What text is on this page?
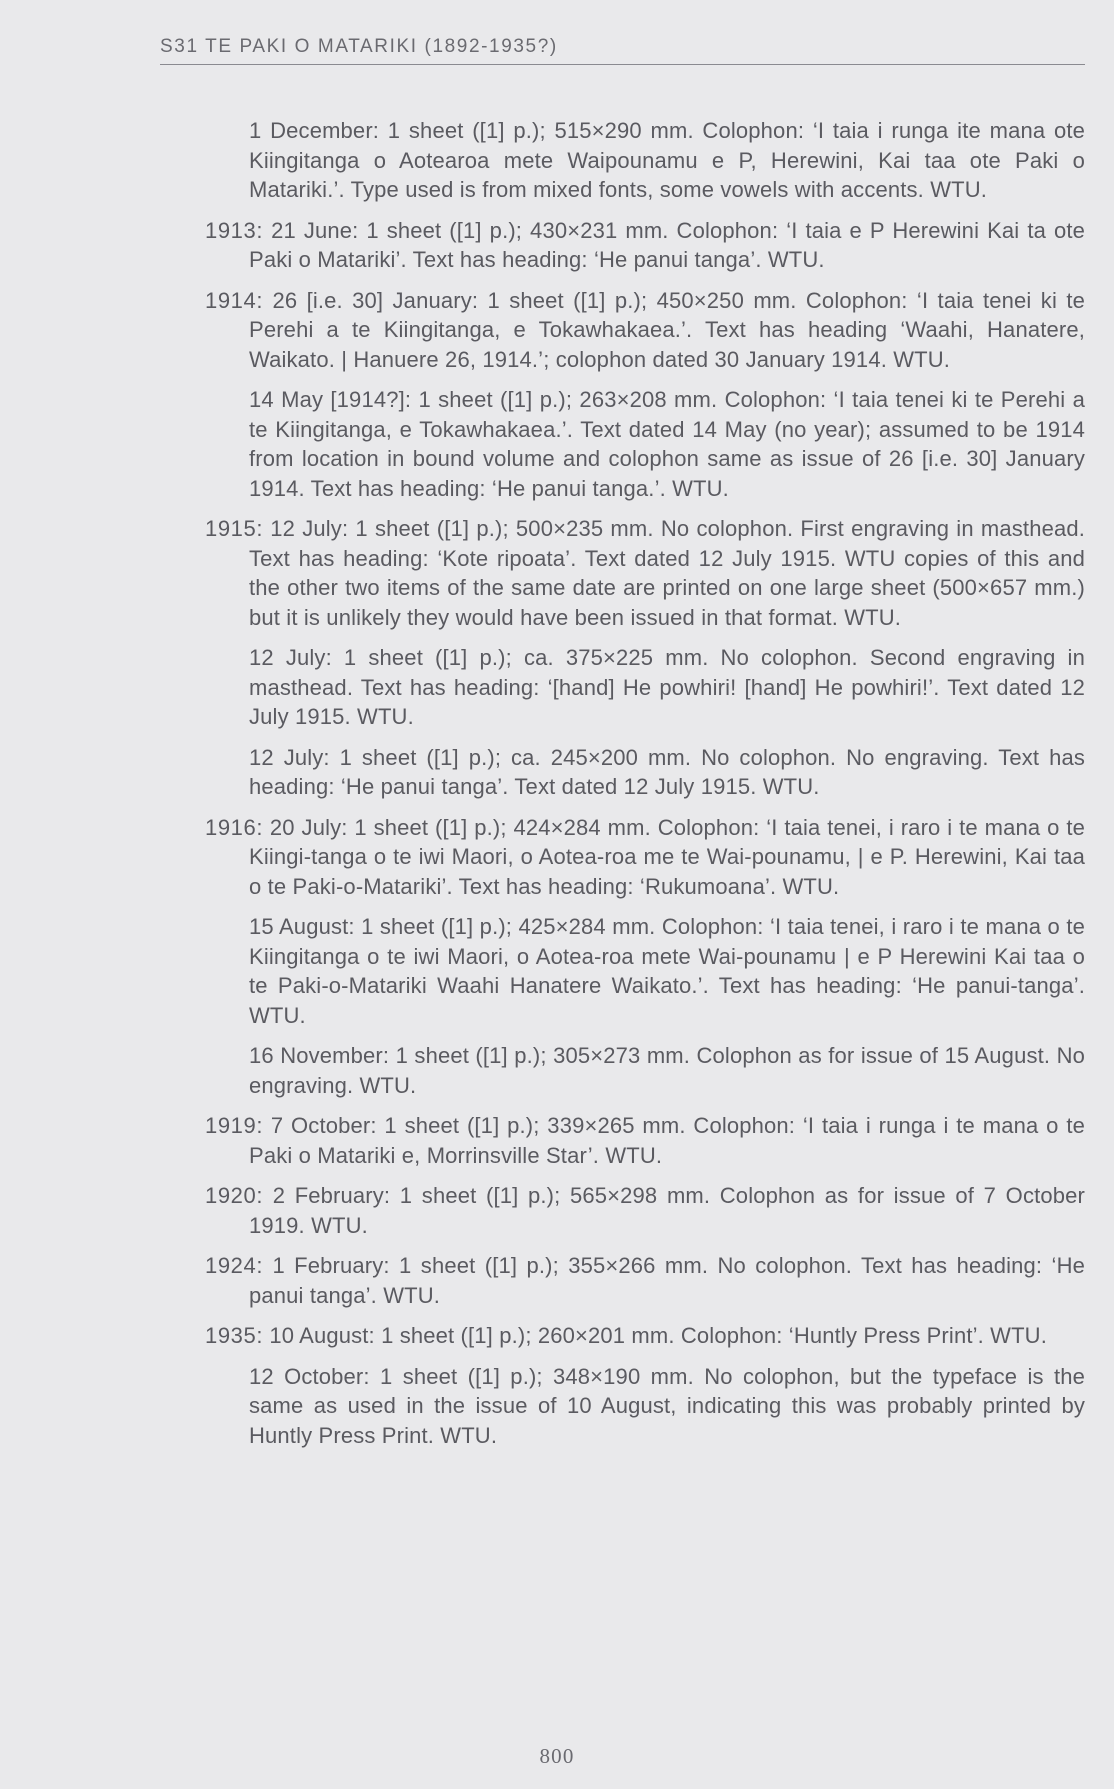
S31 TE PAKI O MATARIKI (1892-1935?)

1 December: 1 sheet ([1] p.); 515×290 mm. Colophon: ‘I taia i runga ite mana ote Kiingitanga o Aotearoa mete Waipounamu e P, Herewini, Kai taa ote Paki o Matariki.’. Type used is from mixed fonts, some vowels with accents. WTU.

1913: 21 June: 1 sheet ([1] p.); 430×231 mm. Colophon: ‘I taia e P Herewini Kai ta ote Paki o Matariki’. Text has heading: ‘He panui tanga’. WTU.

1914: 26 [i.e. 30] January: 1 sheet ([1] p.); 450×250 mm. Colophon: ‘I taia tenei ki te Perehi a te Kiingitanga, e Tokawhakaea.’. Text has heading ‘Waahi, Hanatere, Waikato. | Hanuere 26, 1914.’; colophon dated 30 January 1914. WTU.

14 May [1914?]: 1 sheet ([1] p.); 263×208 mm. Colophon: ‘I taia tenei ki te Perehi a te Kiingitanga, e Tokawhakaea.’. Text dated 14 May (no year); assumed to be 1914 from location in bound volume and colophon same as issue of 26 [i.e. 30] January 1914. Text has heading: ‘He panui tanga.’. WTU.

1915: 12 July: 1 sheet ([1] p.); 500×235 mm. No colophon. First engraving in masthead. Text has heading: ‘Kote ripoata’. Text dated 12 July 1915. WTU copies of this and the other two items of the same date are printed on one large sheet (500×657 mm.) but it is unlikely they would have been issued in that format. WTU.

12 July: 1 sheet ([1] p.); ca. 375×225 mm. No colophon. Second engraving in masthead. Text has heading: ‘[hand] He powhiri! [hand] He powhiri!’. Text dated 12 July 1915. WTU.

12 July: 1 sheet ([1] p.); ca. 245×200 mm. No colophon. No engraving. Text has heading: ‘He panui tanga’. Text dated 12 July 1915. WTU.

1916: 20 July: 1 sheet ([1] p.); 424×284 mm. Colophon: ‘I taia tenei, i raro i te mana o te Kiingi-tanga o te iwi Maori, o Aotea-roa me te Wai-pounamu, | e P. Herewini, Kai taa o te Paki-o-Matariki’. Text has heading: ‘Rukumoana’. WTU.

15 August: 1 sheet ([1] p.); 425×284 mm. Colophon: ‘I taia tenei, i raro i te mana o te Kiingitanga o te iwi Maori, o Aotea-roa mete Wai-pounamu | e P Herewini Kai taa o te Paki-o-Matariki Waahi Hanatere Waikato.’. Text has heading: ‘He panui-tanga’. WTU.

16 November: 1 sheet ([1] p.); 305×273 mm. Colophon as for issue of 15 August. No engraving. WTU.

1919: 7 October: 1 sheet ([1] p.); 339×265 mm. Colophon: ‘I taia i runga i te mana o te Paki o Matariki e, Morrinsville Star’. WTU.

1920: 2 February: 1 sheet ([1] p.); 565×298 mm. Colophon as for issue of 7 October 1919. WTU.

1924: 1 February: 1 sheet ([1] p.); 355×266 mm. No colophon. Text has heading: ‘He panui tanga’. WTU.

1935: 10 August: 1 sheet ([1] p.); 260×201 mm. Colophon: ‘Huntly Press Print’. WTU.

12 October: 1 sheet ([1] p.); 348×190 mm. No colophon, but the typeface is the same as used in the issue of 10 August, indicating this was probably printed by Huntly Press Print. WTU.

800
